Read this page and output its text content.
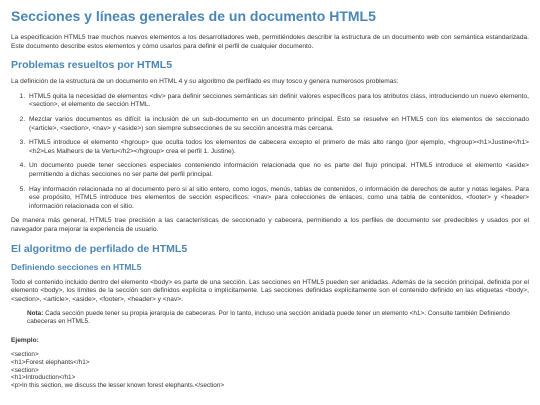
Secciones y líneas generales de un documento HTML5

La especificación HTML5 trae muchos nuevos elementos a los desarrolladores web, permitiéndoles describir la estructura de un documento web con semántica estandarizada. Este documento describe estos elementos y cómo usarlos para definir el perfil de cualquier documento.

Problemas resueltos por HTML5

La definición de la estructura de un documento en HTML 4 y su algoritmo de perfilado es muy tosco y genera numerosos problemas:

1. HTML5 quita la necesidad de elementos <div> para definir secciones semánticas sin definir valores específicos para los atributos class, introduciendo un nuevo elemento, <section>, el elemento de sección HTML.
2. Mezclar varios documentos es difícil: la inclusión de un sub-documento en un documento principal. Esto se resuelve en HTML5 con los elementos de seccionado (<article>, <section>, <nav> y <aside>) son siempre subsecciones de su sección ancestra más cercana.
3. HTML5 introduce el elemento <hgroup> que oculta todos los elementos de cabecera excepto el primero de más alto rango (por ejemplo, <hgroup><h1>Justine</h1><h2>Les Malheurs de la Vertu</h2></hgroup> crea el perfil 1. Justine).
4. Un documento puede tener secciones especiales conteniendo información relacionada que no es parte del flujo principal. HTML5 introduce el elemento <aside> permitiendo a dichas secciones no ser parte del perfil principal.
5. Hay información relacionada no al documento pero si al sitio entero, como logos, menús, tablas de contenidos, o información de derechos de autor y notas legales. Para ese propósito, HTML5 introduce tres elementos de sección específicos: <nav> para colecciones de enlaces, como una tabla de contenidos, <footer> y <header> información relacionada con el sitio.

De manera más general, HTML5 trae precisión a las características de seccionado y cabecera, permitiendo a los perfiles de documento ser predecibles y usados por el navegador para mejorar la experiencia de usuario.

El algoritmo de perfilado de HTML5
Definiendo secciones en HTML5

Todo el contenido incluido dentro del elemento <body> es parte de una sección. Las secciones en HTML5 pueden ser anidadas. Además de la sección principal, definida por el elemento <body>, los límites de la sección son definidos explícita o implícitamente. Las secciones definidas explícitamente son el contenido definido en las etiquetas <body>, <section>, <article>, <aside>, <footer>, <header> y <nav>.

Nota: Cada sección puede tener su propia jerarquía de cabeceras. Por lo tanto, incluso una sección anidada puede tener un elemento <h1>. Consulte también Definiendo cabeceras en HTML5.
Ejemplo:
<section>
<h1>Forest elephants</h1>
<section>
<h1>Introduction</h1>
<p>In this section, we discuss the lesser known forest elephants.</section>
